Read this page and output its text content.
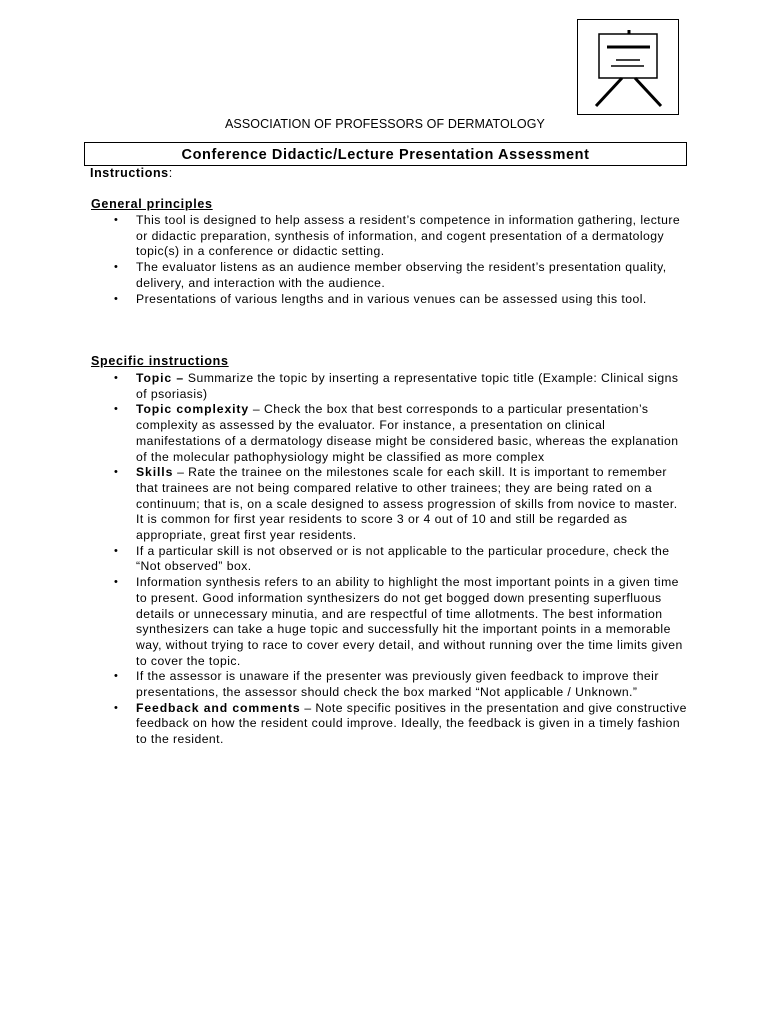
ASSOCIATION OF PROFESSORS OF DERMATOLOGY
Conference Didactic/Lecture Presentation Assessment
Instructions:
General principles
• This tool is designed to help assess a resident’s competence in information gathering, lecture or didactic preparation, synthesis of information, and cogent presentation of a dermatology topic(s) in a conference or didactic setting.
• The evaluator listens as an audience member observing the resident’s presentation quality, delivery, and interaction with the audience.
• Presentations of various lengths and in various venues can be assessed using this tool.
Specific instructions
• Topic – Summarize the topic by inserting a representative topic title (Example: Clinical signs of psoriasis)
• Topic complexity – Check the box that best corresponds to a particular presentation’s complexity as assessed by the evaluator. For instance, a presentation on clinical manifestations of a dermatology disease might be considered basic, whereas the explanation of the molecular pathophysiology might be classified as more complex
• Skills – Rate the trainee on the milestones scale for each skill. It is important to remember that trainees are not being compared relative to other trainees; they are being rated on a continuum; that is, on a scale designed to assess progression of skills from novice to master. It is common for first year residents to score 3 or 4 out of 10 and still be regarded as appropriate, great first year residents.
• If a particular skill is not observed or is not applicable to the particular procedure, check the “Not observed” box.
• Information synthesis refers to an ability to highlight the most important points in a given time to present. Good information synthesizers do not get bogged down presenting superfluous details or unnecessary minutia, and are respectful of time allotments. The best information synthesizers can take a huge topic and successfully hit the important points in a memorable way, without trying to race to cover every detail, and without running over the time limits given to cover the topic.
• If the assessor is unaware if the presenter was previously given feedback to improve their presentations, the assessor should check the box marked “Not applicable / Unknown.”
• Feedback and comments – Note specific positives in the presentation and give constructive feedback on how the resident could improve. Ideally, the feedback is given in a timely fashion to the resident.
